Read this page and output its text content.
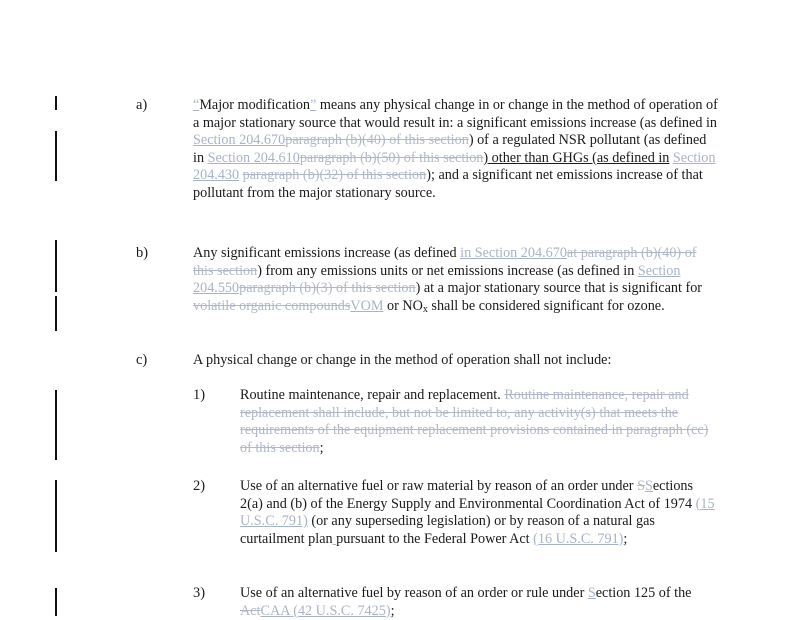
a)	“Major modification” means any physical change in or change in the method of operation of a major stationary source that would result in: a significant emissions increase (as defined in Section 204.670paragraph (b)(40) of this section) of a regulated NSR pollutant (as defined in Section 204.610paragraph (b)(50) of this section) other than GHGs (as defined in Section 204.430 paragraph (b)(32) of this section); and a significant net emissions increase of that pollutant from the major stationary source.
b)	Any significant emissions increase (as defined in Section 204.670at paragraph (b)(40) of this section) from any emissions units or net emissions increase (as defined in Section 204.550paragraph (b)(3) of this section) at a major stationary source that is significant for volatile organic compoundsVOM or $NO_x$ shall be considered significant for ozone.
c)	A physical change or change in the method of operation shall not include:
1) Routine maintenance, repair and replacement. Routine maintenance, repair and replacement shall include, but not be limited to, any activity(s) that meets the requirements of the equipment replacement provisions contained in paragraph (cc) of this section;
2) Use of an alternative fuel or raw material by reason of an order under SSections 2(a) and (b) of the Energy Supply and Environmental Coordination Act of 1974 (15 U.S.C. 791) (or any superseding legislation) or by reason of a natural gas curtailment plan pursuant to the Federal Power Act (16 U.S.C. 791);
3) Use of an alternative fuel by reason of an order or rule under Section 125 of the ActCAA (42 U.S.C. 7425);
